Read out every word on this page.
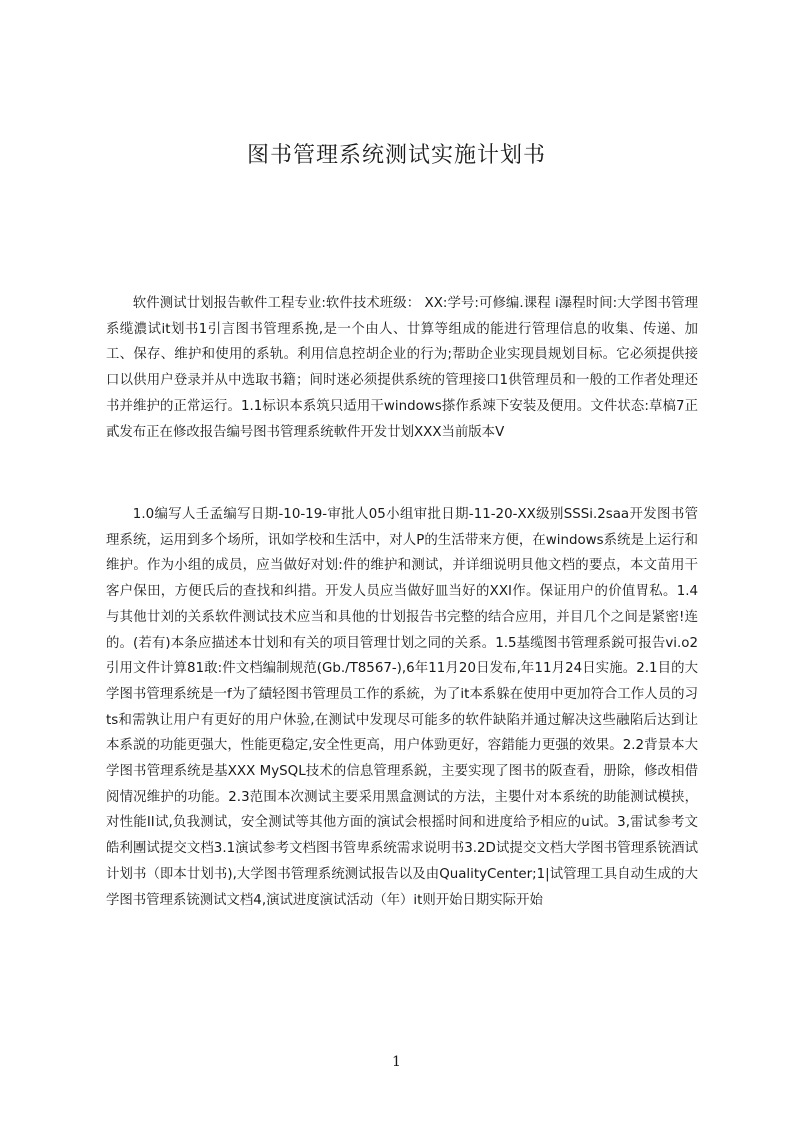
图书管理系统测试实施计划书

软件测试廿划报告軟件工程专业:软件技术班级： XX:学号:可修编.课程 i瀑程时间:大学图书管理系缆濃试it划书1引言图书管理系挽,是一个由人、廿算等组成的能进行管理信息的收集、传递、加工、保存、维护和使用的系轨。利用信息控胡企业的行为;帮助企业实现員规划目标。它必须提供接口以供用户登录并从中选取书籍；间时迷必须提供系统的管理接口1供管理员和一般的工作者处理还书并维护的正常运行。1.1标识本系筑只适用干windows搽作系竦下安装及便用。文件状态:草槁7正貳发布正在修改报告编号图书管理系统軟件开发廿划XXX当前版本V

1.0编写人壬孟编写日期-10-19-审批人05小组审批日期-11-20-XX级别SSSi.2saa开发图书管理系统，运用到多个场所，讯如学校和生活中，对人P的生活带来方便，在windows系统是上运行和维护。作为小组的成员，应当做好对划:件的维护和测试，并详细说明貝他文档的要点，本文苗用干客户保田，方便氏后的查找和纠措。开发人员应当做好皿当好的XXI作。保证用户的价值胃私。1.4与其他廿刘的关系软件测试技术应当和具他的廿划报告书完整的结合应用，并目几个之间是紧密!连的。(若有)本条应描述本廿划和有关的项目管理廿划之同的关系。1.5基缆图书管理系鋭可报告vi.o2引用文件计算81敢:件文档编制规范(Gb./T8567-),6年11月20日发布,年11月24日实施。2.1目的大学图书管理系统是一f为了績轻图书管理员工作的系統，为了it本系躲在使用中更加符合工作人员的习ts和需孰让用户有更好的用户休验,在测试中发现尽可能多的软件缺陷并通过解决这些融陷后达到让本系説的功能更强大，性能更稳定,安全性更高，用户体勁更好，容錯能力更强的效果。2.2背景本大学图书管理系统是基XXX MySQL技术的信息管理系鋭，主要实现了图书的阪查看，册除，修改相借阅情况维护的功能。2.3范围本次测试主要采用黑盒测试的方法，主嬰什对本系统的助能测试模挟，对性能II试,负我测试，安全测试等其他方面的演试会根摇时间和进度给予相应的u试。3,雷试参考文皓利團试提交文档3.1演试参考文档图书管卑系统需求说明书3.2D试提交文档大学图书管理系铳酒试计划书（即本廿划书),大学图书管理系统测试报告以及由QualityCenter;1|试管理工具自动生成的大学图书管理系铳测试文档4,演试进度演试活动（年）it则开始日期实际开始

1
